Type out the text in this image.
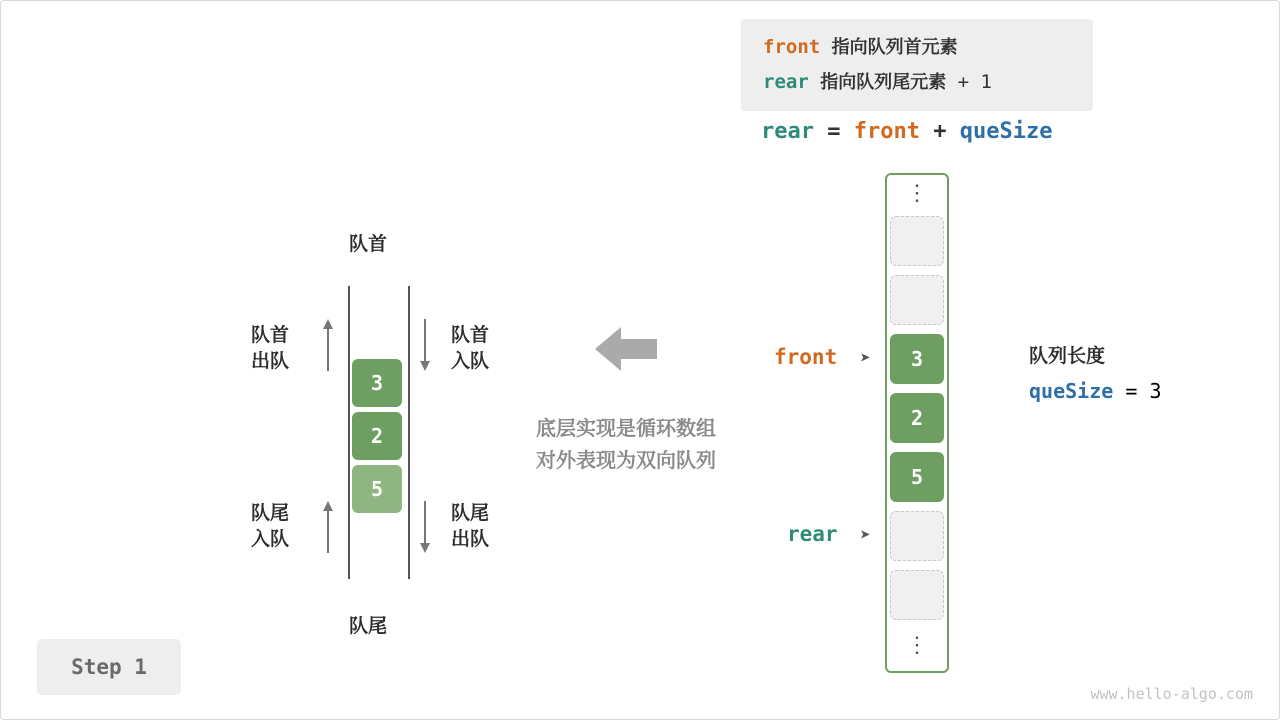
front 指向队列首元素
rear 指向队列尾元素 + 1
rear = front + queSize
队首
队尾
3
2
5
队首
出队
队首
入队
队尾
入队
队尾
出队
底层实现是循环数组
对外表现为双向队列
⋮
3
2
5
⋮
front ➤
rear ➤
队列长度
queSize = 3
Step 1
www.hello-algo.com
